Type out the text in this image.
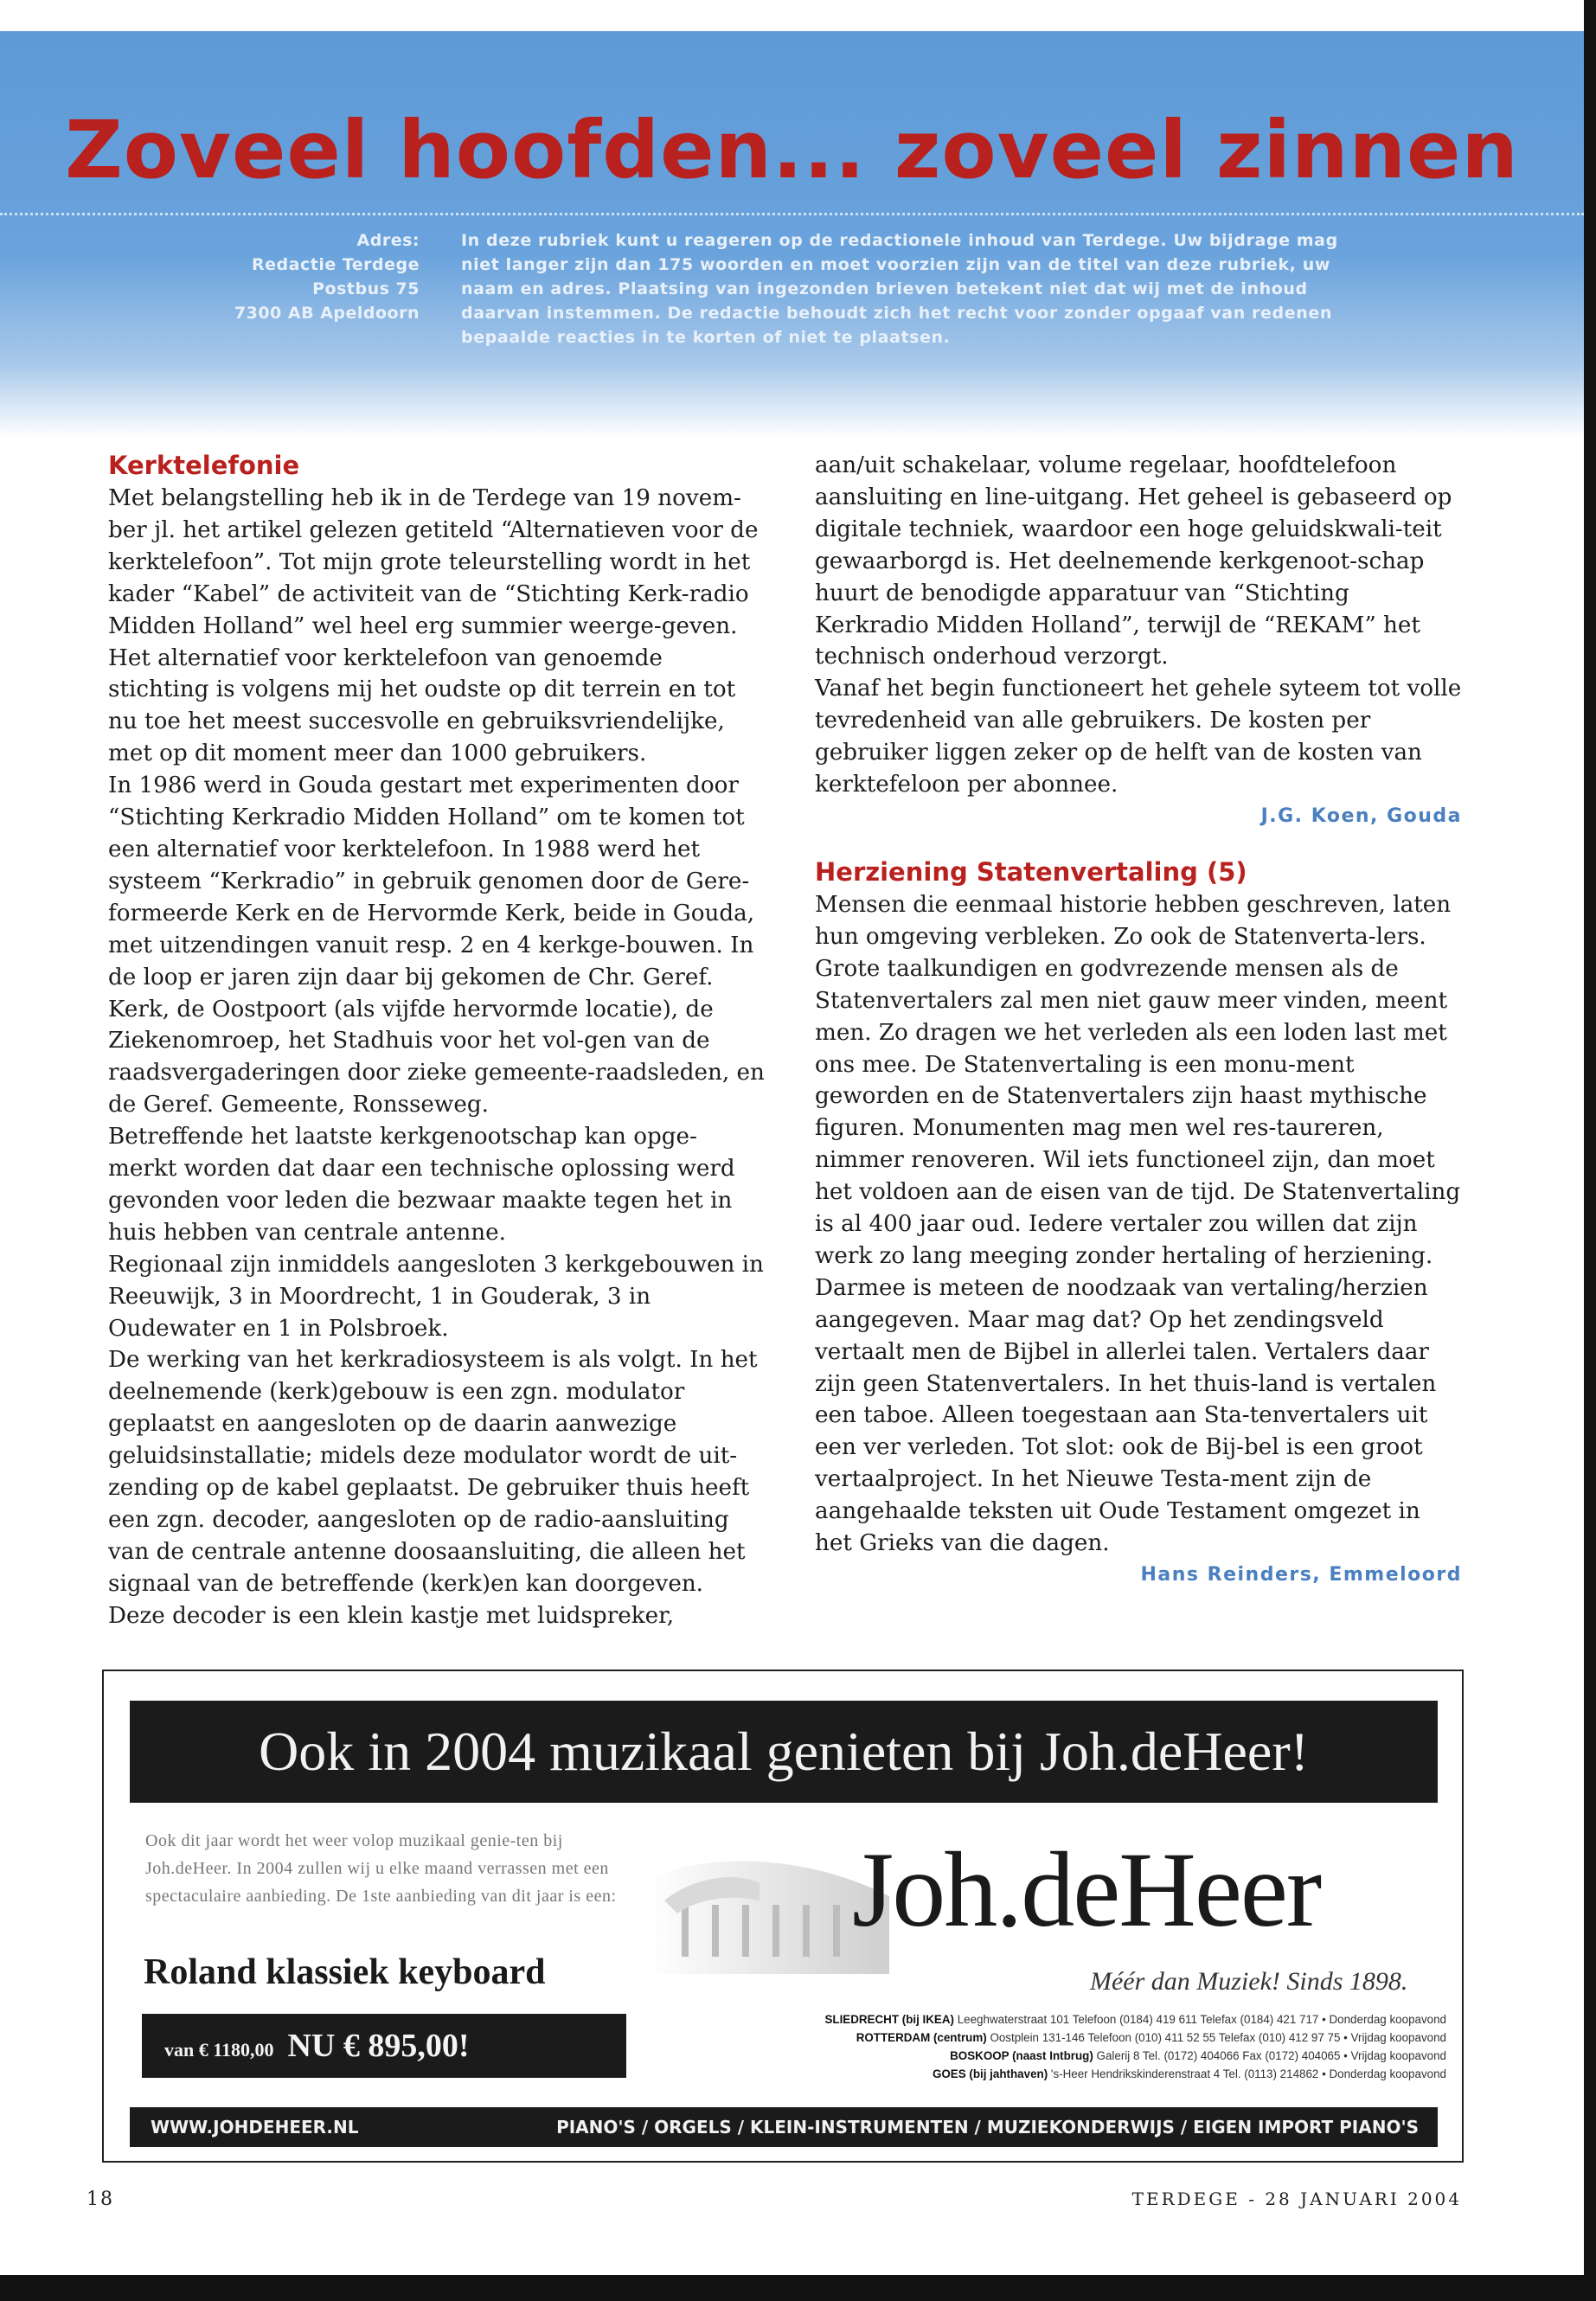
Zoveel hoofden... zoveel zinnen
Adres:
Redactie Terdege
Postbus 75
7300 AB Apeldoorn
In deze rubriek kunt u reageren op de redactionele inhoud van Terdege. Uw bijdrage mag niet langer zijn dan 175 woorden en moet voorzien zijn van de titel van deze rubriek, uw naam en adres. Plaatsing van ingezonden brieven betekent niet dat wij met de inhoud daarvan instemmen. De redactie behoudt zich het recht voor zonder opgaaf van redenen bepaalde reacties in te korten of niet te plaatsen.
Kerktelefonie

Met belangstelling heb ik in de Terdege van 19 novem-ber jl. het artikel gelezen getiteld “Alternatieven voor de kerktelefoon”. Tot mijn grote teleurstelling wordt in het kader “Kabel” de activiteit van de “Stichting Kerk-radio Midden Holland” wel heel erg summier weerge-geven. Het alternatief voor kerktelefoon van genoemde stichting is volgens mij het oudste op dit terrein en tot nu toe het meest succesvolle en gebruiksvriendelijke, met op dit moment meer dan 1000 gebruikers.

In 1986 werd in Gouda gestart met experimenten door “Stichting Kerkradio Midden Holland” om te komen tot een alternatief voor kerktelefoon. In 1988 werd het systeem “Kerkradio” in gebruik genomen door de Gere-formeerde Kerk en de Hervormde Kerk, beide in Gouda, met uitzendingen vanuit resp. 2 en 4 kerkge-bouwen. In de loop er jaren zijn daar bij gekomen de Chr. Geref. Kerk, de Oostpoort (als vijfde hervormde locatie), de Ziekenomroep, het Stadhuis voor het vol-gen van de raadsvergaderingen door zieke gemeente-raadsleden, en de Geref. Gemeente, Ronsseweg.

Betreffende het laatste kerkgenootschap kan opge-merkt worden dat daar een technische oplossing werd gevonden voor leden die bezwaar maakte tegen het in huis hebben van centrale antenne.

Regionaal zijn inmiddels aangesloten 3 kerkgebouwen in Reeuwijk, 3 in Moordrecht, 1 in Gouderak, 3 in Oudewater en 1 in Polsbroek.

De werking van het kerkradiosysteem is als volgt. In het deelnemende (kerk)gebouw is een zgn. modulator geplaatst en aangesloten op de daarin aanwezige geluidsinstallatie; midels deze modulator wordt de uit-zending op de kabel geplaatst. De gebruiker thuis heeft een zgn. decoder, aangesloten op de radio-aansluiting van de centrale antenne doosaansluiting, die alleen het signaal van de betreffende (kerk)en kan doorgeven. Deze decoder is een klein kastje met luidspreker,

aan/uit schakelaar, volume regelaar, hoofdtelefoon aansluiting en line-uitgang. Het geheel is gebaseerd op digitale techniek, waardoor een hoge geluidskwali-teit gewaarborgd is. Het deelnemende kerkgenoot-schap huurt de benodigde apparatuur van “Stichting Kerkradio Midden Holland”, terwijl de “REKAM” het technisch onderhoud verzorgt.

Vanaf het begin functioneert het gehele syteem tot volle tevredenheid van alle gebruikers. De kosten per gebruiker liggen zeker op de helft van de kosten van kerktefeloon per abonnee.

J.G. Koen, Gouda
Herziening Statenvertaling (5)

Mensen die eenmaal historie hebben geschreven, laten hun omgeving verbleken. Zo ook de Statenverta-lers. Grote taalkundigen en godvrezende mensen als de Statenvertalers zal men niet gauw meer vinden, meent men. Zo dragen we het verleden als een loden last met ons mee. De Statenvertaling is een monu-ment geworden en de Statenvertalers zijn haast mythische figuren. Monumenten mag men wel res-taureren, nimmer renoveren. Wil iets functioneel zijn, dan moet het voldoen aan de eisen van de tijd. De Statenvertaling is al 400 jaar oud. Iedere vertaler zou willen dat zijn werk zo lang meeging zonder hertaling of herziening. Darmee is meteen de noodzaak van vertaling/herzien aangegeven. Maar mag dat? Op het zendingsveld vertaalt men de Bijbel in allerlei talen. Vertalers daar zijn geen Statenvertalers. In het thuis-land is vertalen een taboe. Alleen toegestaan aan Sta-tenvertalers uit een ver verleden. Tot slot: ook de Bij-bel is een groot vertaalproject. In het Nieuwe Testa-ment zijn de aangehaalde teksten uit Oude Testament omgezet in het Grieks van die dagen.

Hans Reinders, Emmeloord
Ook in 2004 muzikaal genieten bij Joh.deHeer!
Ook dit jaar wordt het weer volop muzikaal genie-ten bij Joh.deHeer. In 2004 zullen wij u elke maand verrassen met een spectaculaire aanbieding. De 1ste aanbieding van dit jaar is een:
Roland klassiek keyboard
van € 1180,00 NU € 895,00!
Joh.deHeer
Méér dan Muziek! Sinds 1898.
SLIEDRECHT (bij IKEA) Leeghwaterstraat 101 Telefoon (0184) 419 611 Telefax (0184) 421 717 • Donderdag koopavond
ROTTERDAM (centrum) Oostplein 131-146 Telefoon (010) 411 52 55 Telefax (010) 412 97 75 • Vrijdag koopavond
BOSKOOP (naast Intbrug) Galerij 8 Tel. (0172) 404066 Fax (0172) 404065 • Vrijdag koopavond
GOES (bij jahthaven) 's-Heer Hendrikskinderenstraat 4 Tel. (0113) 214862 • Donderdag koopavond
WWW.JOHDEHEER.NL	PIANO'S / ORGELS / KLEIN-INSTRUMENTEN / MUZIEKONDERWIJS / EIGEN IMPORT PIANO'S
18	TERDEGE - 28 JANUARI 2004
